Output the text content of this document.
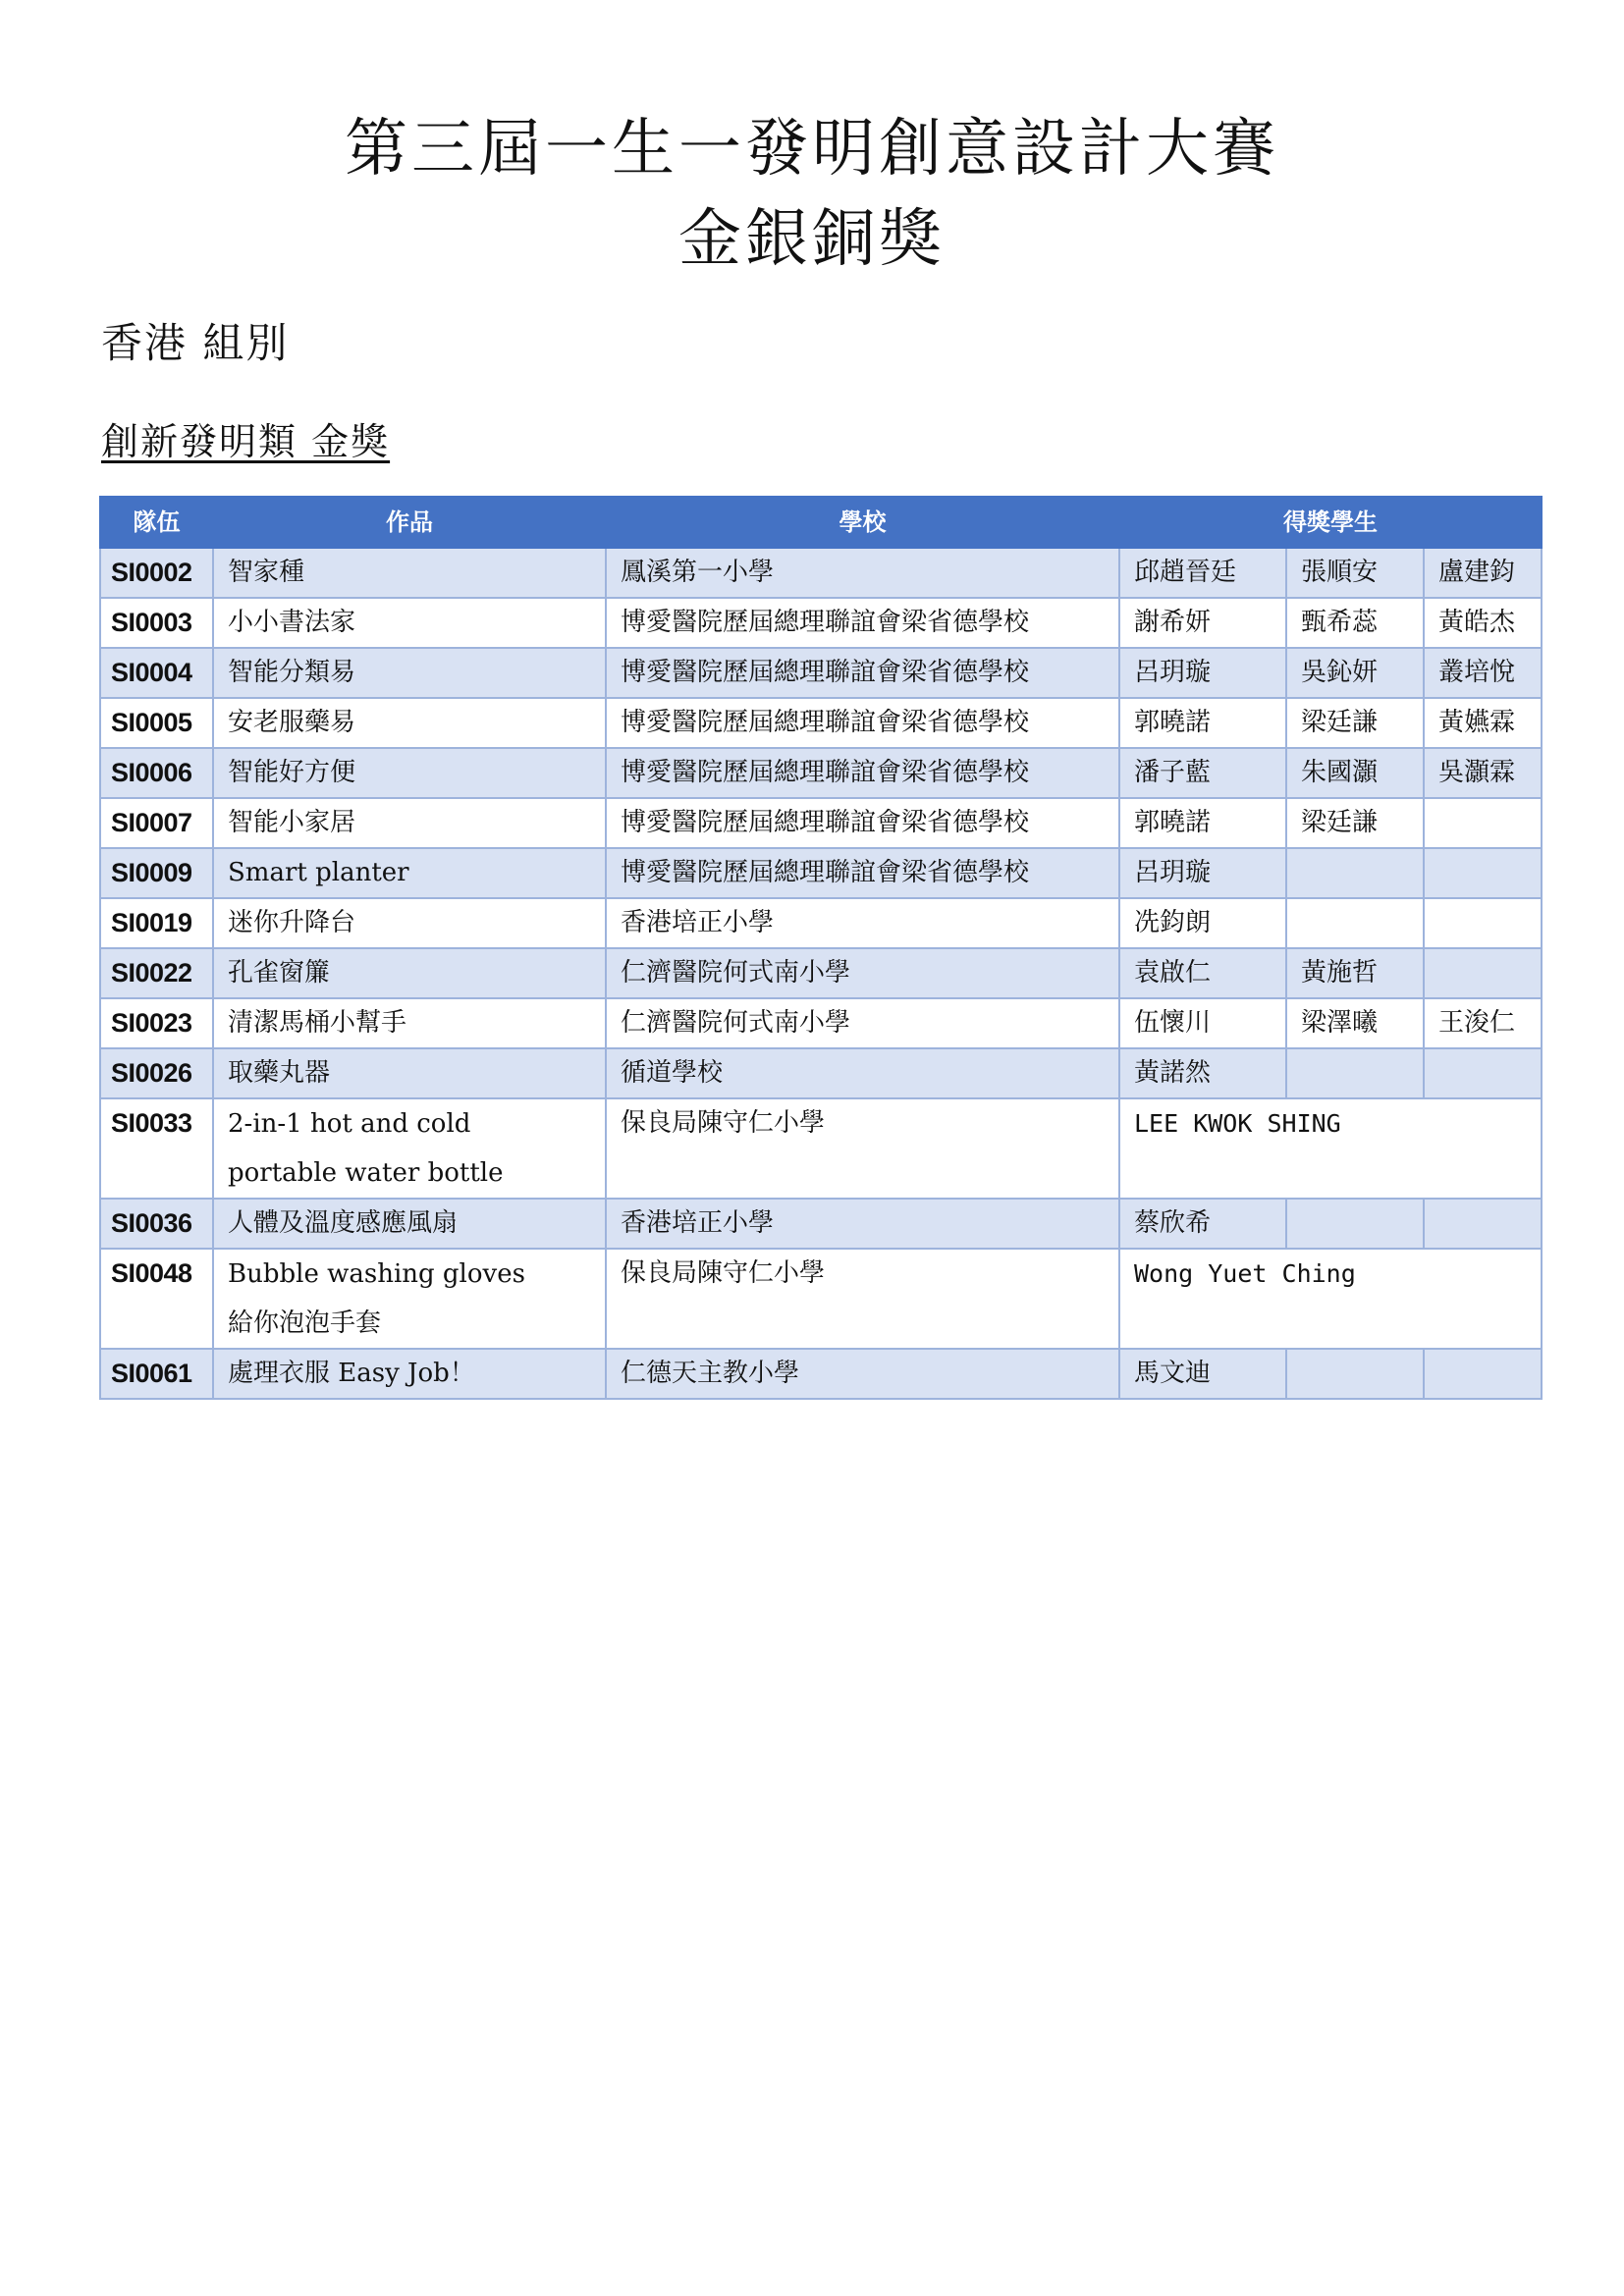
第三屆一生一發明創意設計大賽
金銀銅獎

香港 組別

創新發明類 金獎

隊伍	作品	學校	得獎學生		
SI0002	智家種	鳳溪第一小學	邱趙晉廷	張順安	盧建鈞
SI0003	小小書法家	博愛醫院歷屆總理聯誼會梁省德學校	謝希妍	甄希蕊	黃皓杰
SI0004	智能分類易	博愛醫院歷屆總理聯誼會梁省德學校	呂玥璇	吳鈊妍	叢培悅
SI0005	安老服藥易	博愛醫院歷屆總理聯誼會梁省德學校	郭曉諾	梁廷謙	黃嬿霖
SI0006	智能好方便	博愛醫院歷屆總理聯誼會梁省德學校	潘子藍	朱國灝	吳灝霖
SI0007	智能小家居	博愛醫院歷屆總理聯誼會梁省德學校	郭曉諾	梁廷謙	
SI0009	Smart planter	博愛醫院歷屆總理聯誼會梁省德學校	呂玥璇		
SI0019	迷你升降台	香港培正小學	冼鈞朗		
SI0022	孔雀窗簾	仁濟醫院何式南小學	袁啟仁	黃施哲	
SI0023	清潔馬桶小幫手	仁濟醫院何式南小學	伍懷川	梁澤曦	王浚仁
SI0026	取藥丸器	循道學校	黃諾然		
SI0033	2-in-1 hot and cold
portable water bottle	保良局陳守仁小學	LEE KWOK SHING		
SI0036	人體及溫度感應風扇	香港培正小學	蔡欣希		
SI0048	Bubble washing gloves
給你泡泡手套	保良局陳守仁小學	Wong Yuet Ching		
SI0061	處理衣服 Easy Job！	仁德天主教小學	馬文迪		
